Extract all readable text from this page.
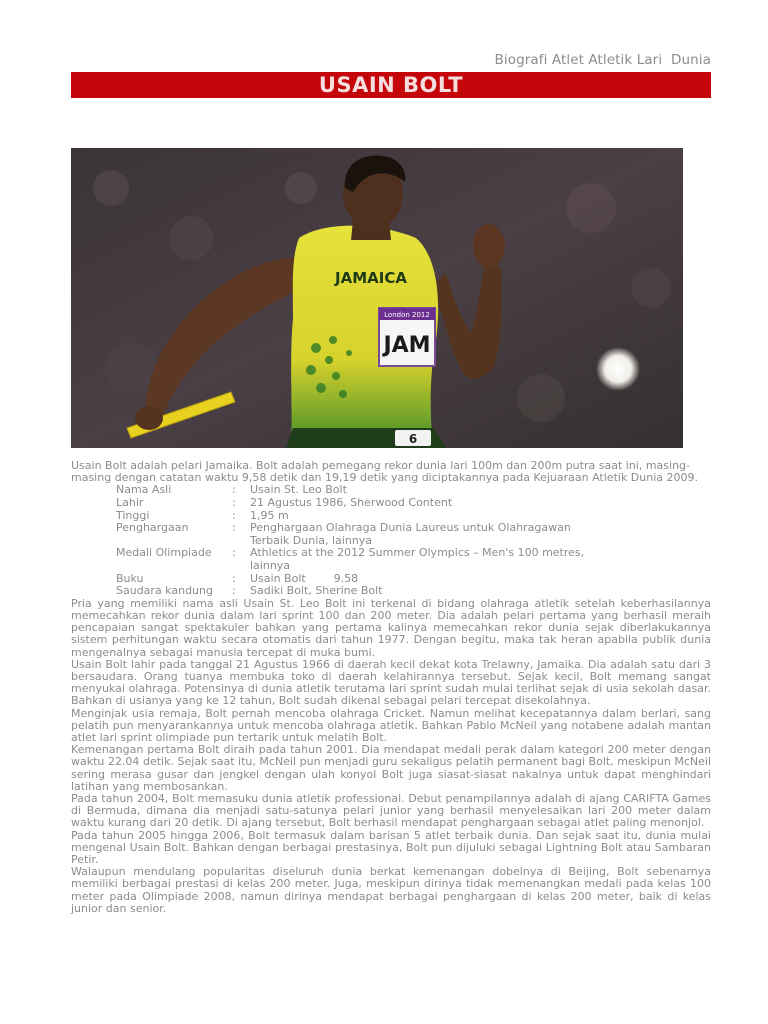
Biografi Atlet Atletik Lari  Dunia
USAIN BOLT
JAMAICA
London 2012
JAM
6

Usain Bolt adalah pelari Jamaika. Bolt adalah pemegang rekor dunia lari 100m dan 200m putra saat ini, masing-masing dengan catatan waktu 9,58 detik dan 19,19 detik yang diciptakannya pada Kejuaraan Atletik Dunia 2009.

Nama Asli	:	Usain St. Leo Bolt
Lahir	:	21 Agustus 1986, Sherwood Content
Tinggi	:	1,95 m
Penghargaan	:	Penghargaan Olahraga Dunia Laureus untuk Olahragawan Terbaik Dunia, lainnya
Medali Olimpiade	:	Athletics at the 2012 Summer Olympics – Men's 100 metres, lainnya
Buku	:	Usain Bolt        9.58
Saudara kandung	:	Sadiki Bolt, Sherine Bolt

Pria yang memiliki nama asli Usain St. Leo Bolt ini terkenal di bidang olahraga atletik setelah keberhasilannya memecahkan rekor dunia dalam lari sprint 100 dan 200 meter. Dia adalah pelari pertama yang berhasil meraih pencapaian sangat spektakuler bahkan yang pertama kalinya memecahkan rekor dunia sejak diberlakukannya sistem perhitungan waktu secara otomatis dari tahun 1977. Dengan begitu, maka tak heran apabila publik dunia mengenalnya sebagai manusia tercepat di muka bumi.

Usain Bolt lahir pada tanggal 21 Agustus 1966 di daerah kecil dekat kota Trelawny, Jamaika. Dia adalah satu dari 3 bersaudara. Orang tuanya membuka toko di daerah kelahirannya tersebut. Sejak kecil, Bolt memang sangat menyukai olahraga. Potensinya di dunia atletik terutama lari sprint sudah mulai terlihat sejak di usia sekolah dasar. Bahkan di usianya yang ke 12 tahun, Bolt sudah dikenal sebagai pelari tercepat disekolahnya.

Menginjak usia remaja, Bolt pernah mencoba olahraga Cricket. Namun melihat kecepatannya dalam berlari, sang pelatih pun menyarankannya untuk mencoba olahraga atletik. Bahkan Pablo McNeil yang notabene adalah mantan atlet lari sprint olimpiade pun tertarik untuk melatih Bolt.

Kemenangan pertama Bolt diraih pada tahun 2001. Dia mendapat medali perak dalam kategori 200 meter dengan waktu 22.04 detik. Sejak saat itu, McNeil pun menjadi guru sekaligus pelatih permanent bagi Bolt, meskipun McNeil sering merasa gusar dan jengkel dengan ulah konyol Bolt juga siasat-siasat nakalnya untuk dapat menghindari latihan yang membosankan.

Pada tahun 2004, Bolt memasuku dunia atletik professional. Debut penampilannya adalah di ajang CARIFTA Games di Bermuda, dimana dia menjadi satu-satunya pelari junior yang berhasil menyelesaikan lari 200 meter dalam waktu kurang dari 20 detik. Di ajang tersebut, Bolt berhasil mendapat penghargaan sebagai atlet paling menonjol.

Pada tahun 2005 hingga 2006, Bolt termasuk dalam barisan 5 atlet terbaik dunia. Dan sejak saat itu, dunia mulai mengenal Usain Bolt. Bahkan dengan berbagai prestasinya, Bolt pun dijuluki sebagai Lightning Bolt atau Sambaran Petir.

Walaupun mendulang popularitas diseluruh dunia berkat kemenangan dobelnya di Beijing, Bolt sebenarnya memiliki berbagai prestasi di kelas 200 meter. Juga, meskipun dirinya tidak memenangkan medali pada kelas 100 meter pada Olimpiade 2008, namun dirinya mendapat berbagai penghargaan di kelas 200 meter, baik di kelas junior dan senior.
